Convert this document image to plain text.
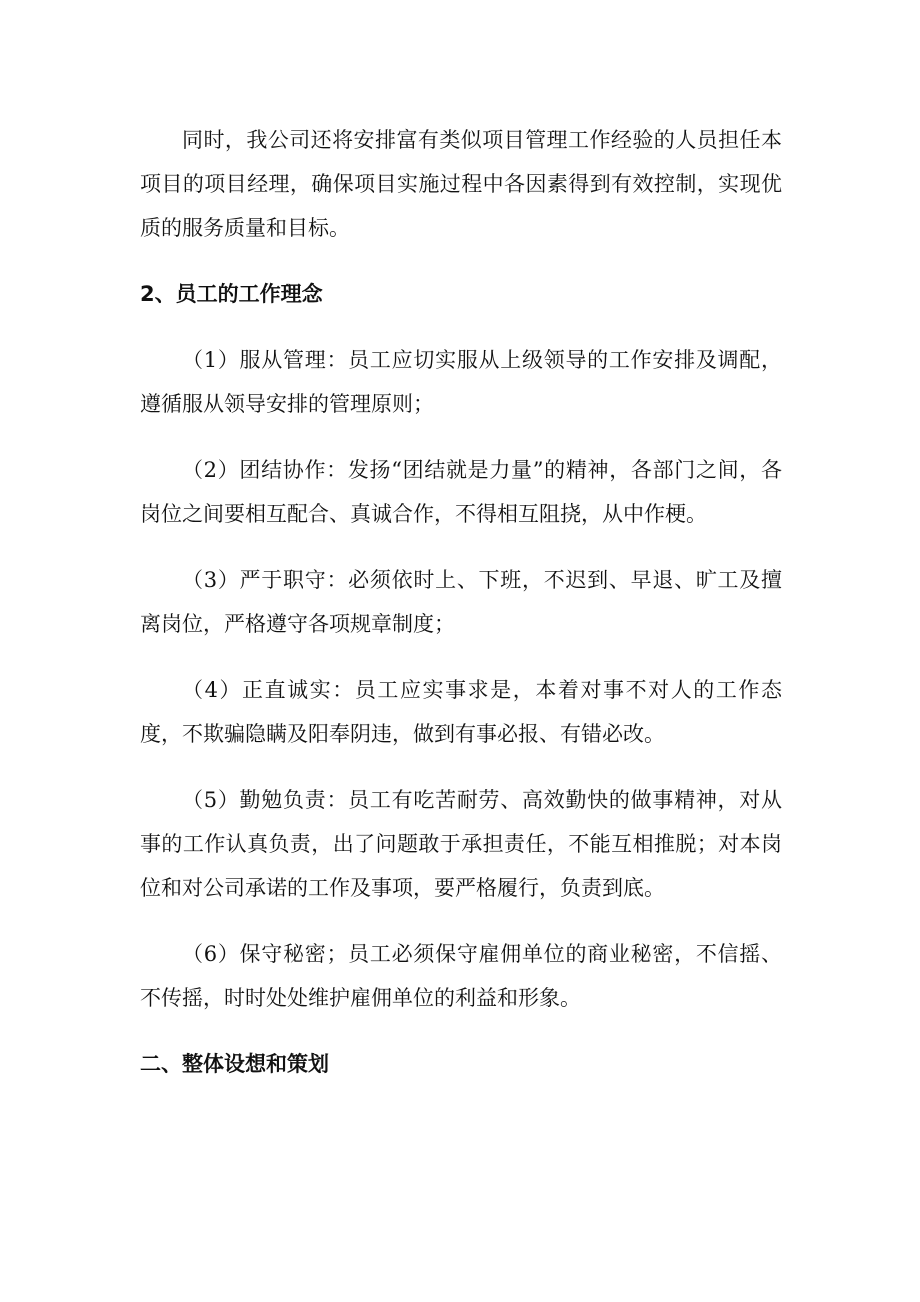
同时，我公司还将安排富有类似项目管理工作经验的人员担任本项目的项目经理，确保项目实施过程中各因素得到有效控制，实现优质的服务质量和目标。

2、员工的工作理念

（1）服从管理：员工应切实服从上级领导的工作安排及调配，遵循服从领导安排的管理原则；

（2）团结协作：发扬“团结就是力量”的精神，各部门之间，各岗位之间要相互配合、真诚合作，不得相互阻挠，从中作梗。

（3）严于职守：必须依时上、下班，不迟到、早退、旷工及擅离岗位，严格遵守各项规章制度；

（4）正直诚实：员工应实事求是，本着对事不对人的工作态度，不欺骗隐瞒及阳奉阴违，做到有事必报、有错必改。

（5）勤勉负责：员工有吃苦耐劳、高效勤快的做事精神，对从事的工作认真负责，出了问题敢于承担责任，不能互相推脱；对本岗位和对公司承诺的工作及事项，要严格履行，负责到底。

（6）保守秘密；员工必须保守雇佣单位的商业秘密，不信摇、不传摇，时时处处维护雇佣单位的利益和形象。

二、整体设想和策划
